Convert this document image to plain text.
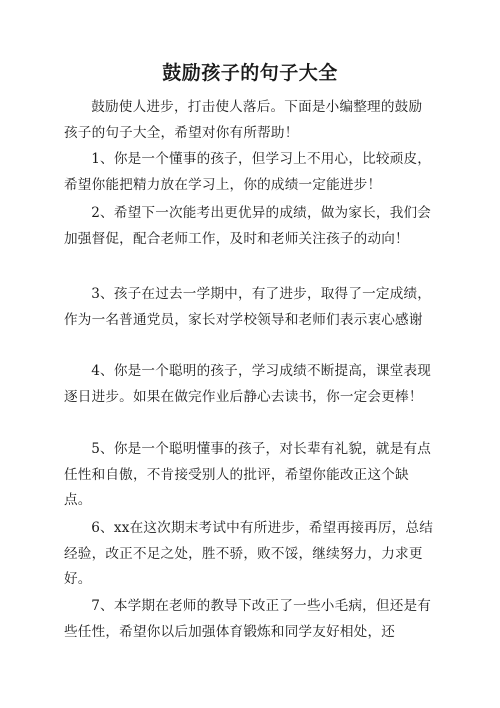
鼓励孩子的句子大全

鼓励使人进步，打击使人落后。下面是小编整理的鼓励孩子的句子大全，希望对你有所帮助！

1、你是一个懂事的孩子，但学习上不用心，比较顽皮，希望你能把精力放在学习上，你的成绩一定能进步！

2、希望下一次能考出更优异的成绩，做为家长，我们会加强督促，配合老师工作，及时和老师关注孩子的动向！

3、孩子在过去一学期中，有了进步，取得了一定成绩，作为一名普通党员，家长对学校领导和老师们表示衷心感谢

4、你是一个聪明的孩子，学习成绩不断提高，课堂表现逐日进步。如果在做完作业后静心去读书，你一定会更棒！

5、你是一个聪明懂事的孩子，对长辈有礼貌，就是有点任性和自傲，不肯接受别人的批评，希望你能改正这个缺点。

6、xx在这次期末考试中有所进步，希望再接再厉，总结经验，改正不足之处，胜不骄，败不馁，继续努力，力求更好。

7、本学期在老师的教导下改正了一些小毛病，但还是有些任性，希望你以后加强体育锻炼和同学友好相处，还
